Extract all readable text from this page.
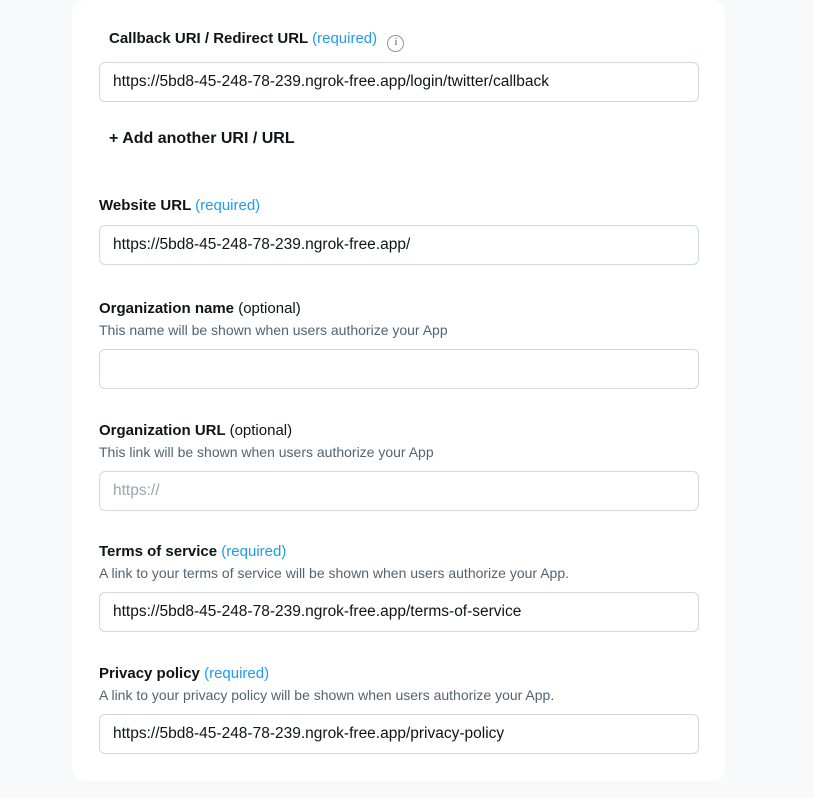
Callback URI / Redirect URL (required) i
https://5bd8-45-248-78-239.ngrok-free.app/login/twitter/callback
+ Add another URI / URL
Website URL (required)
https://5bd8-45-248-78-239.ngrok-free.app/
Organization name (optional)
This name will be shown when users authorize your App
Organization URL (optional)
This link will be shown when users authorize your App
https://
Terms of service (required)
A link to your terms of service will be shown when users authorize your App.
https://5bd8-45-248-78-239.ngrok-free.app/terms-of-service
Privacy policy (required)
A link to your privacy policy will be shown when users authorize your App.
https://5bd8-45-248-78-239.ngrok-free.app/privacy-policy
